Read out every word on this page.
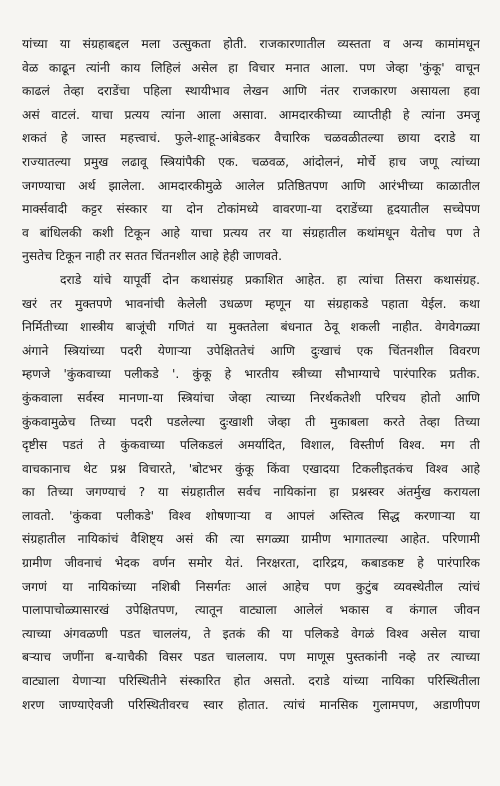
यांच्या या संग्रहाबद्दल मला उत्सुकता होती. राजकारणातील व्यस्तता व अन्य कामांमधून
वेळ काढून त्यांनी काय लिहिलं असेल हा विचार मनात आला. पण जेव्हा 'कुंकू' वाचून
काढलं तेव्हा दराडेंचा पहिला स्थायीभाव लेखन आणि नंतर राजकारण असायला हवा
असं वाटलं. याचा प्रत्यय त्यांना आला असावा. आमदारकीच्या व्याप्तीही हे त्यांना उमजू
शकतं हे जास्त महत्त्वाचं. फुले-शाहू-आंबेडकर वैचारिक चळवळीतल्या छाया दराडे या
राज्यातल्या प्रमुख लढावू स्त्रियांपैकी एक. चळवळ, आंदोलनं, मोर्चे हाच जणू त्यांच्या
जगण्याचा अर्थ झालेला. आमदारकीमुळे आलेल प्रतिष्ठितपण आणि आरंभीच्या काळातील
मार्क्सवादी कट्टर संस्कार या दोन टोकांमध्ये वावरणा-या दराडेंच्या हृदयातील सच्चेपण
व बांधिलकी कशी टिकून आहे याचा प्रत्यय तर या संग्रहातील कथांमधून येतोच पण ते
नुसतेच टिकून नाही तर सतत चिंतनशील आहे हेही जाणवते.

दराडे यांचे यापूर्वी दोन कथासंग्रह प्रकाशित आहेत. हा त्यांचा तिसरा कथासंग्रह.
खरं तर मुक्तपणे भावनांची केलेली उधळण म्हणून या संग्रहाकडे पहाता येईल. कथा
निर्मितीच्या शास्त्रीय बाजूंची गणितं या मुक्ततेला बंधनात ठेवू शकली नाहीत. वेगवेगळ्या
अंगाने स्त्रियांच्या पदरी येणाऱ्या उपेक्षिततेचं आणि दुःखाचं एक चिंतनशील विवरण
म्हणजे 'कुंकवाच्या पलीकडे '. कुंकू हे भारतीय स्त्रीच्या सौभाग्याचे पारंपारिक प्रतीक.
कुंकवाला सर्वस्व मानणा-या स्त्रियांचा जेव्हा त्याच्या निरर्थकतेशी परिचय होतो आणि
कुंकवामुळेच तिच्या पदरी पडलेल्या दुःखाशी जेव्हा ती मुकाबला करते तेव्हा तिच्या
दृष्टीस पडतं ते कुंकवाच्या पलिकडलं अमर्यादित, विशाल, विस्तीर्ण विश्व. मग ती
वाचकानाच थेट प्रश्न विचारते, 'बोटभर कुंकू किंवा एखादया टिकलीइतकंच विश्व आहे
का तिच्या जगण्याचं ? या संग्रहातील सर्वच नायिकांना हा प्रश्नस्वर अंतर्मुख करायला
लावतो. 'कुंकवा पलीकडे' विश्व शोषणाऱ्या व आपलं अस्तित्व सिद्ध करणाऱ्या या
संग्रहातील नायिकांचं वैशिष्ट्य असं की त्या सगळ्या ग्रामीण भागातल्या आहेत. परिणामी
ग्रामीण जीवनाचं भेदक वर्णन समोर येतं. निरक्षरता, दारिद्रय, कबाडकष्ट हे पारंपारिक
जगणं या नायिकांच्या नशिबी निसर्गतः आलं आहेच पण कुटुंब व्यवस्थेतील त्यांचं
पालापाचोळ्यासारखं उपेक्षितपण, त्यातून वाट्याला आलेलं भकास व कंगाल जीवन
त्याच्या अंगवळणी पडत चाललंय, ते इतकं की या पलिकडे वेगळं विश्व असेल याचा
बऱ्याच जणींना ब-याचैकी विसर पडत चाललाय. पण माणूस पुस्तकांनी नव्हे तर त्याच्या
वाट्याला येणाऱ्या परिस्थितीने संस्कारित होत असतो. दराडे यांच्या नायिका परिस्थितीला
शरण जाण्याऐवजी परिस्थितीवरच स्वार होतात. त्यांचं मानसिक गुलामपण, अडाणीपण
